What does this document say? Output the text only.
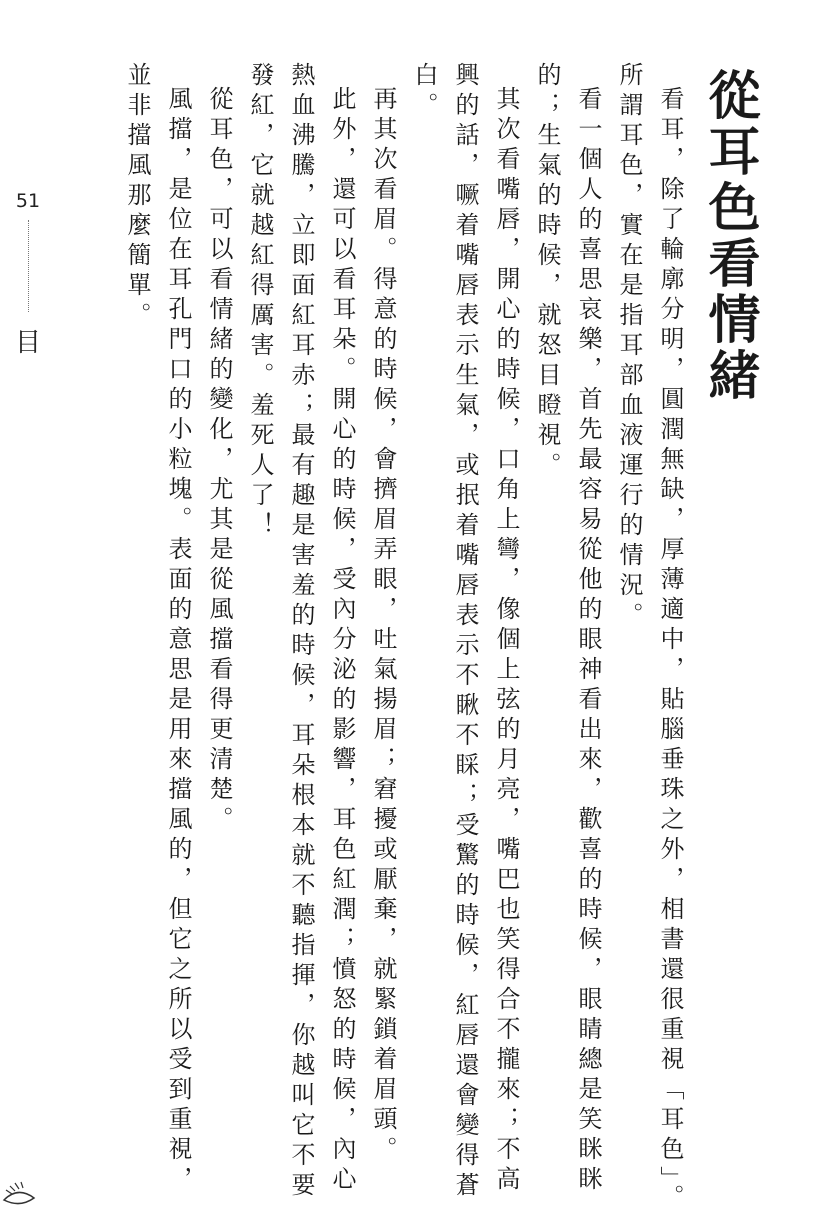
51
目	從耳色看情緒

看耳，除了輪廓分明，圓潤無缺，厚薄適中，貼腦垂珠之外，相書還很重視「耳色」。所謂耳色，實在是指耳部血液運行的情況。

看一個人的喜思哀樂，首先最容易從他的眼神看出來，歡喜的時候，眼睛總是笑眯眯的；生氣的時候，就怒目瞪視。

其次看嘴唇，開心的時候，口角上彎，像個上弦的月亮，嘴巴也笑得合不攏來；不高興的話，噘着嘴唇表示生氣，或抿着嘴唇表示不瞅不睬；受驚的時候，紅唇還會變得蒼白。

再其次看眉。得意的時候，會擠眉弄眼，吐氣揚眉；窘擾或厭棄，就緊鎖着眉頭。

此外，還可以看耳朵。開心的時候，受內分泌的影響，耳色紅潤；憤怒的時候，內心熱血沸騰，立即面紅耳赤；最有趣是害羞的時候，耳朵根本就不聽指揮，你越叫它不要發紅，它就越紅得厲害。羞死人了！

從耳色，可以看情緒的變化，尤其是從風擋看得更清楚。

風擋，是位在耳孔門口的小粒塊。表面的意思是用來擋風的，但它之所以受到重視，並非擋風那麼簡單。
